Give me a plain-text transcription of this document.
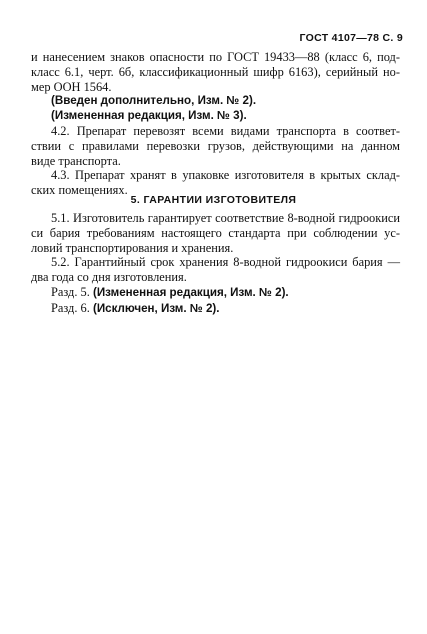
ГОСТ 4107—78 С. 9
и нанесением знаков опасности по ГОСТ 19433—88 (класс 6, под-
класс 6.1, черт. 6б, классификационный шифр 6163), серийный но-
мер ООН 1564.
(Введен дополнительно, Изм. № 2).
(Измененная редакция, Изм. № 3).
4.2. Препарат перевозят всеми видами транспорта в соответ-
ствии с правилами перевозки грузов, действующими на данном
виде транспорта.
4.3. Препарат хранят в упаковке изготовителя в крытых склад-
ских помещениях.
5. ГАРАНТИИ ИЗГОТОВИТЕЛЯ
5.1. Изготовитель гарантирует соответствие 8-водной гидроокиси
си бария требованиям настоящего стандарта при соблюдении ус-
ловий транспортирования и хранения.
5.2. Гарантийный срок хранения 8-водной гидроокиси бария —
два года со дня изготовления.
Разд. 5. (Измененная редакция, Изм. № 2).
Разд. 6. (Исключен, Изм. № 2).
